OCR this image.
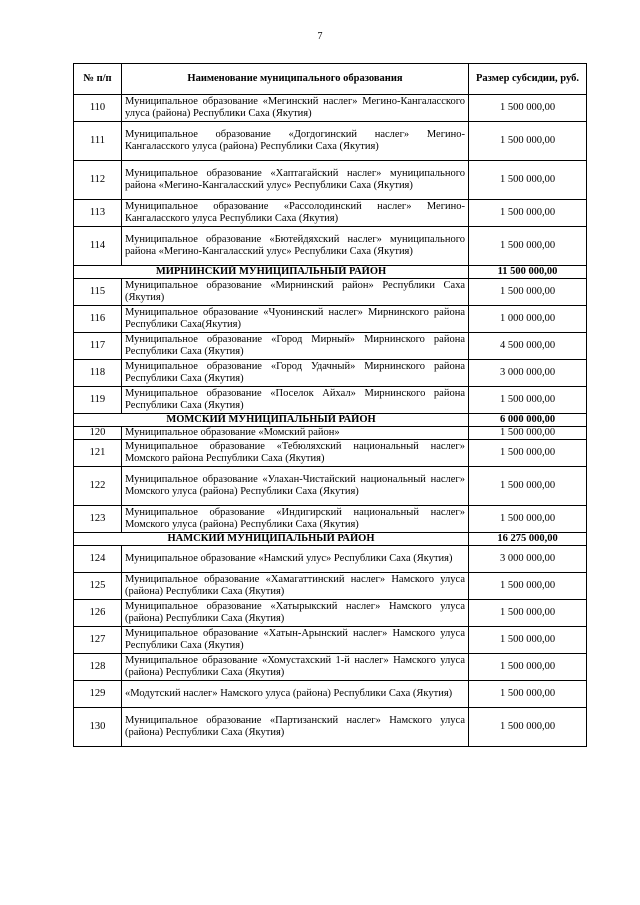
7
№ п/п	Наименование муниципального образования	Размер субсидии, руб.
110	Муниципальное образование «Мегинский наслег» Мегино-Кангаласского улуса (района) Республики Саха (Якутия)	1 500 000,00
111	Муниципальное образование «Догдогинский наслег» Мегино-Кангаласского улуса (района) Республики Саха (Якутия)	1 500 000,00
112	Муниципальное образование «Хаптагайский наслег» муниципального района «Мегино-Кангаласский улус» Республики Саха (Якутия)	1 500 000,00
113	Муниципальное образование «Рассолодинский наслег» Мегино-Кангаласского улуса Республики Саха (Якутия)	1 500 000,00
114	Муниципальное образование «Бютейдяхский наслег» муниципального района «Мегино-Кангаласский улус» Республики Саха (Якутия)	1 500 000,00
МИРНИНСКИЙ МУНИЦИПАЛЬНЫЙ РАЙОН		11 500 000,00
115	Муниципальное образование «Мирнинский район» Республики Саха (Якутия)	1 500 000,00
116	Муниципальное образование «Чуонинский наслег» Мирнинского района Республики Саха(Якутия)	1 000 000,00
117	Муниципальное образование «Город Мирный» Мирнинского района Республики Саха (Якутия)	4 500 000,00
118	Муниципальное образование «Город Удачный» Мирнинского района Республики Саха (Якутия)	3 000 000,00
119	Муниципальное образование «Поселок Айхал» Мирнинского района Республики Саха (Якутия)	1 500 000,00
МОМСКИЙ МУНИЦИПАЛЬНЫЙ РАЙОН		6 000 000,00
120	Муниципальное образование «Момский район»	1 500 000,00
121	Муниципальное образование «Тебюляхский национальный наслег» Момского района Республики Саха (Якутия)	1 500 000,00
122	Муниципальное образование «Улахан-Чистайский национальный наслег» Момского улуса (района) Республики Саха (Якутия)	1 500 000,00
123	Муниципальное образование «Индигирский национальный наслег» Момского улуса (района) Республики Саха (Якутия)	1 500 000,00
НАМСКИЙ МУНИЦИПАЛЬНЫЙ РАЙОН		16 275 000,00
124	Муниципальное образование «Намский улус» Республики Саха (Якутия)	3 000 000,00
125	Муниципальное образование «Хамагаттинский наслег» Намского улуса (района) Республики Саха (Якутия)	1 500 000,00
126	Муниципальное образование «Хатырыкский наслег» Намского улуса (района) Республики Саха (Якутия)	1 500 000,00
127	Муниципальное образование «Хатын-Арынский наслег» Намского улуса Республики Саха (Якутия)	1 500 000,00
128	Муниципальное образование «Хомустахский 1-й наслег» Намского улуса (района) Республики Саха (Якутия)	1 500 000,00
129	«Модутский наслег» Намского улуса (района) Республики Саха (Якутия)	1 500 000,00
130	Муниципальное образование «Партизанский наслег» Намского улуса (района) Республики Саха (Якутия)	1 500 000,00
